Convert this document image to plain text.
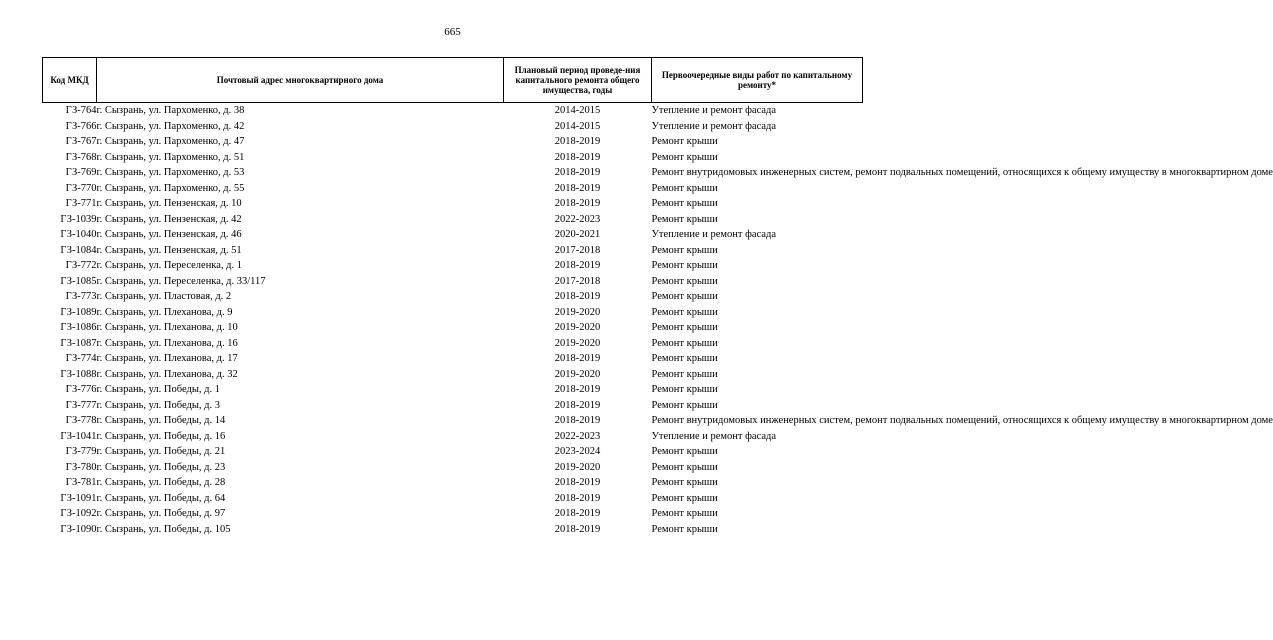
665
Код МКД	Почтовый адрес многоквартирного дома	Плановый период проведе-ния капитального ремонта общего имущества, годы	Первоочередные виды работ по капитальному ремонту*
ГЗ-764	г. Сызрань, ул. Пархоменко, д. 38	2014-2015	Утепление и ремонт фасада
ГЗ-766	г. Сызрань, ул. Пархоменко, д. 42	2014-2015	Утепление и ремонт фасада
ГЗ-767	г. Сызрань, ул. Пархоменко, д. 47	2018-2019	Ремонт крыши
ГЗ-768	г. Сызрань, ул. Пархоменко, д. 51	2018-2019	Ремонт крыши
ГЗ-769	г. Сызрань, ул. Пархоменко, д. 53	2018-2019	Ремонт внутридомовых инженерных систем, ремонт подвальных помещений, относящихся к общему имуществу в многоквартирном доме
ГЗ-770	г. Сызрань, ул. Пархоменко, д. 55	2018-2019	Ремонт крыши
ГЗ-771	г. Сызрань, ул. Пензенская, д. 10	2018-2019	Ремонт крыши
ГЗ-1039	г. Сызрань, ул. Пензенская, д. 42	2022-2023	Ремонт крыши
ГЗ-1040	г. Сызрань, ул. Пензенская, д. 46	2020-2021	Утепление и ремонт фасада
ГЗ-1084	г. Сызрань, ул. Пензенская, д. 51	2017-2018	Ремонт крыши
ГЗ-772	г. Сызрань, ул. Переселенка, д. 1	2018-2019	Ремонт крыши
ГЗ-1085	г. Сызрань, ул. Переселенка, д. 33/117	2017-2018	Ремонт крыши
ГЗ-773	г. Сызрань, ул. Пластовая, д. 2	2018-2019	Ремонт крыши
ГЗ-1089	г. Сызрань, ул. Плеханова, д. 9	2019-2020	Ремонт крыши
ГЗ-1086	г. Сызрань, ул. Плеханова, д. 10	2019-2020	Ремонт крыши
ГЗ-1087	г. Сызрань, ул. Плеханова, д. 16	2019-2020	Ремонт крыши
ГЗ-774	г. Сызрань, ул. Плеханова, д. 17	2018-2019	Ремонт крыши
ГЗ-1088	г. Сызрань, ул. Плеханова, д. 32	2019-2020	Ремонт крыши
ГЗ-776	г. Сызрань, ул. Победы, д. 1	2018-2019	Ремонт крыши
ГЗ-777	г. Сызрань, ул. Победы, д. 3	2018-2019	Ремонт крыши
ГЗ-778	г. Сызрань, ул. Победы, д. 14	2018-2019	Ремонт внутридомовых инженерных систем, ремонт подвальных помещений, относящихся к общему имуществу в многоквартирном доме
ГЗ-1041	г. Сызрань, ул. Победы, д. 16	2022-2023	Утепление и ремонт фасада
ГЗ-779	г. Сызрань, ул. Победы, д. 21	2023-2024	Ремонт крыши
ГЗ-780	г. Сызрань, ул. Победы, д. 23	2019-2020	Ремонт крыши
ГЗ-781	г. Сызрань, ул. Победы, д. 28	2018-2019	Ремонт крыши
ГЗ-1091	г. Сызрань, ул. Победы, д. 64	2018-2019	Ремонт крыши
ГЗ-1092	г. Сызрань, ул. Победы, д. 97	2018-2019	Ремонт крыши
ГЗ-1090	г. Сызрань, ул. Победы, д. 105	2018-2019	Ремонт крыши
